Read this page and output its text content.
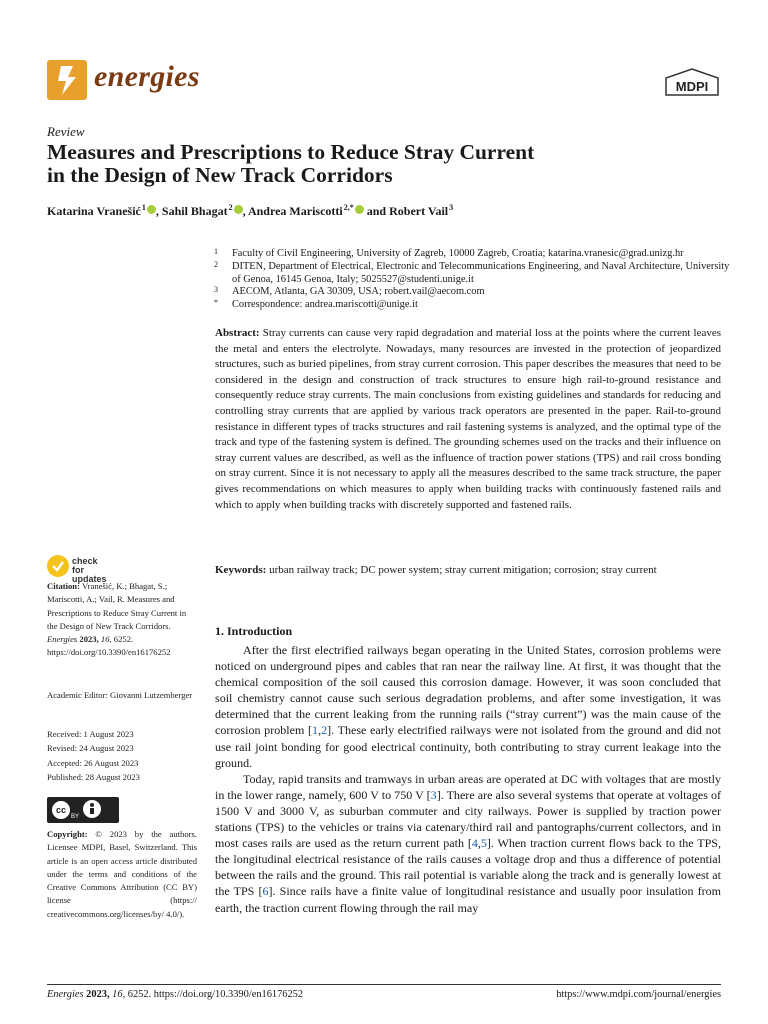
energies	MDPI
Review
Measures and Prescriptions to Reduce Stray Current
in the Design of New Track Corridors
Katarina Vranešić $^1$ , Sahil Bhagat $^2$ , Andrea Mariscotti $^{2,*}$ and Robert Vail $^3$
1 Faculty of Civil Engineering, University of Zagreb, 10000 Zagreb, Croatia; katarina.vranesic@grad.unizg.hr
2 DITEN, Department of Electrical, Electronic and Telecommunications Engineering, and Naval Architecture, University of Genoa, 16145 Genoa, Italy; 5025527@studenti.unige.it
3 AECOM, Atlanta, GA 30309, USA; robert.vail@aecom.com
* Correspondence: andrea.mariscotti@unige.it
Abstract: Stray currents can cause very rapid degradation and material loss at the points where the current leaves the metal and enters the electrolyte. Nowadays, many resources are invested in the protection of jeopardized structures, such as buried pipelines, from stray current corrosion. This paper describes the measures that need to be considered in the design and construction of track structures to ensure high rail-to-ground resistance and consequently reduce stray currents. The main conclusions from existing guidelines and standards for reducing and controlling stray currents that are applied by various track operators are presented in the paper. Rail-to-ground resistance in different types of tracks structures and rail fastening systems is analyzed, and the optimal type of the track and type of the fastening system is defined. The grounding schemes used on the tracks and their influence on stray current values are described, as well as the influence of traction power stations (TPS) and rail cross bonding on stray current. Since it is not necessary to apply all the measures described to the same track structure, the paper gives recommendations on which measures to apply when building tracks with continuously fastened rails and which to apply when building tracks with discretely supported and fastened rails.
Keywords: urban railway track; DC power system; stray current mitigation; corrosion; stray current
check for
updates
Citation: Vranešić, K.; Bhagat, S.; Mariscotti, A.; Vail, R. Measures and Prescriptions to Reduce Stray Current in the Design of New Track Corridors. Energies 2023, 16, 6252. https://doi.org/10.3390/en16176252
Academic Editor: Giovanni Lutzemberger
Received: 1 August 2023
Revised: 24 August 2023
Accepted: 26 August 2023
Published: 28 August 2023
cc
BY
Copyright: © 2023 by the authors. Licensee MDPI, Basel, Switzerland. This article is an open access article distributed under the terms and conditions of the Creative Commons Attribution (CC BY) license (https:// creativecommons.org/licenses/by/ 4.0/).
1. Introduction

After the first electrified railways began operating in the United States, corrosion problems were noticed on underground pipes and cables that ran near the railway line. At first, it was thought that the chemical composition of the soil caused this corrosion damage. However, it was soon concluded that soil chemistry cannot cause such serious degradation problems, and after some investigation, it was determined that the current leaking from the running rails (“stray current”) was the main cause of the corrosion problem [1,2]. These early electrified railways were not isolated from the ground and did not use rail joint bonding for good electrical continuity, both contributing to stray current leakage into the ground.

Today, rapid transits and tramways in urban areas are operated at DC with voltages that are mostly in the lower range, namely, 600 V to 750 V [3]. There are also several systems that operate at voltages of 1500 V and 3000 V, as suburban commuter and city railways. Power is supplied by traction power stations (TPS) to the vehicles or trains via catenary/third rail and pantographs/current collectors, and in most cases rails are used as the return current path [4,5]. When traction current flows back to the TPS, the longitudinal electrical resistance of the rails causes a voltage drop and thus a difference of potential between the rails and the ground. This rail potential is variable along the track and is generally lowest at the TPS [6]. Since rails have a finite value of longitudinal resistance and usually poor insulation from earth, the traction current flowing through the rail may

Energies 2023, 16, 6252. https://doi.org/10.3390/en16176252	https://www.mdpi.com/journal/energies
